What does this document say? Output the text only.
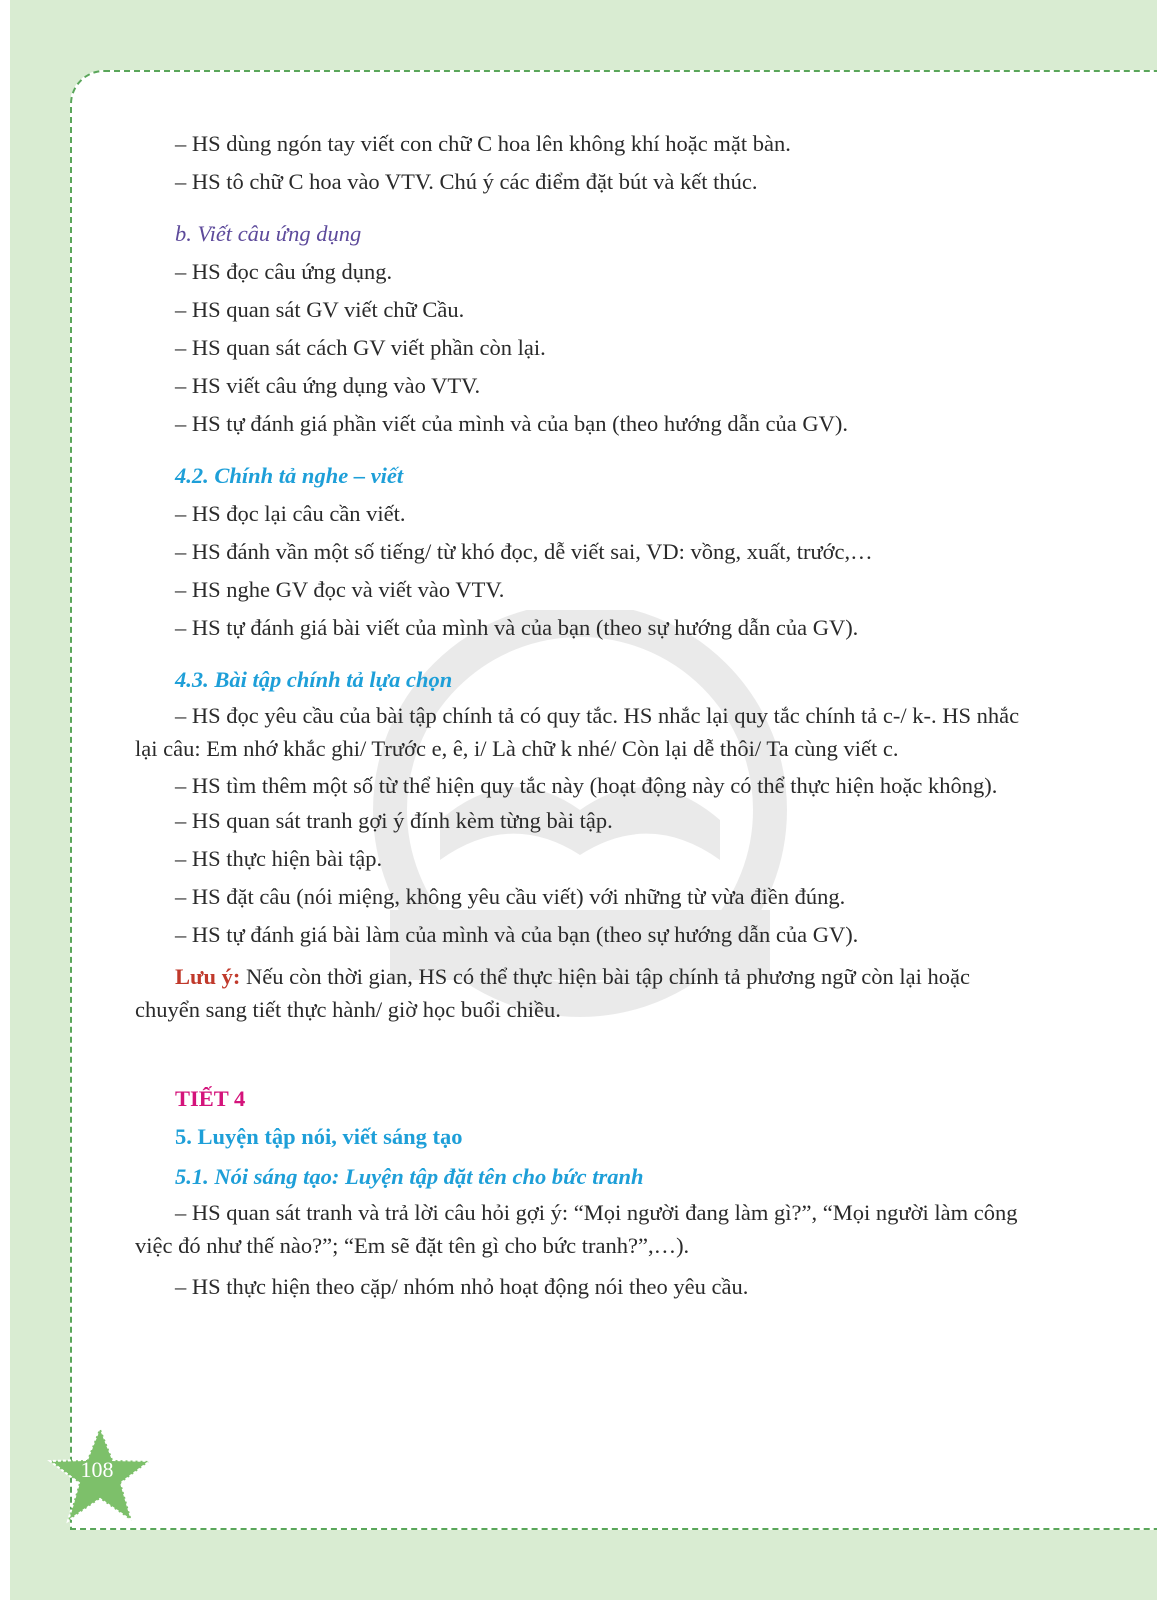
– HS dùng ngón tay viết con chữ C hoa lên không khí hoặc mặt bàn.

– HS tô chữ C hoa vào VTV. Chú ý các điểm đặt bút và kết thúc.

b. Viết câu ứng dụng

– HS đọc câu ứng dụng.

– HS quan sát GV viết chữ Cầu.

– HS quan sát cách GV viết phần còn lại.

– HS viết câu ứng dụng vào VTV.

– HS tự đánh giá phần viết của mình và của bạn (theo hướng dẫn của GV).

4.2. Chính tả nghe – viết

– HS đọc lại câu cần viết.

– HS đánh vần một số tiếng/ từ khó đọc, dễ viết sai, VD: vồng, xuất, trước,…

– HS nghe GV đọc và viết vào VTV.

– HS tự đánh giá bài viết của mình và của bạn (theo sự hướng dẫn của GV).

4.3. Bài tập chính tả lựa chọn

– HS đọc yêu cầu của bài tập chính tả có quy tắc. HS nhắc lại quy tắc chính tả c-/ k-. HS nhắc lại câu: Em nhớ khắc ghi/ Trước e, ê, i/ Là chữ k nhé/ Còn lại dễ thôi/ Ta cùng viết c.

– HS tìm thêm một số từ thể hiện quy tắc này (hoạt động này có thể thực hiện hoặc không).

– HS quan sát tranh gợi ý đính kèm từng bài tập.

– HS thực hiện bài tập.

– HS đặt câu (nói miệng, không yêu cầu viết) với những từ vừa điền đúng.

– HS tự đánh giá bài làm của mình và của bạn (theo sự hướng dẫn của GV).

Lưu ý: Nếu còn thời gian, HS có thể thực hiện bài tập chính tả phương ngữ còn lại hoặc chuyển sang tiết thực hành/ giờ học buổi chiều.

TIẾT 4

5. Luyện tập nói, viết sáng tạo

5.1. Nói sáng tạo: Luyện tập đặt tên cho bức tranh

– HS quan sát tranh và trả lời câu hỏi gợi ý: “Mọi người đang làm gì?”, “Mọi người làm công việc đó như thế nào?”; “Em sẽ đặt tên gì cho bức tranh?”,…).

– HS thực hiện theo cặp/ nhóm nhỏ hoạt động nói theo yêu cầu.

108
